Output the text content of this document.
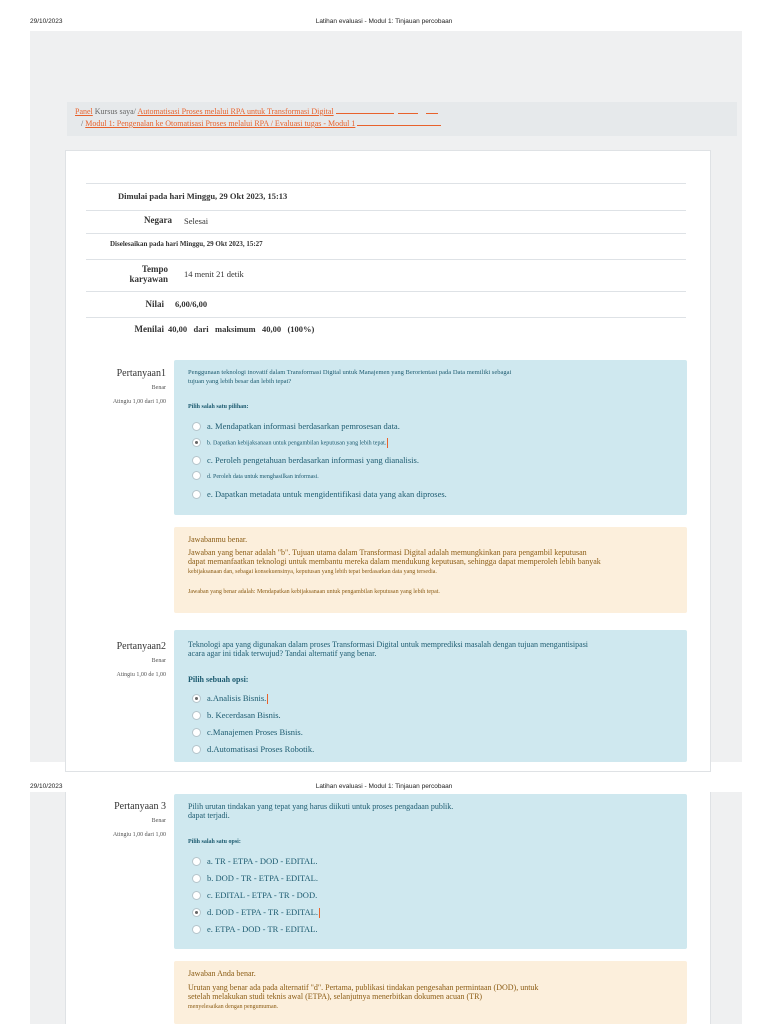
29/10/2023	Latihan evaluasi - Modul 1: Tinjauan percobaan
Panel Kursus saya/ Automatisasi Proses melalui RPA untuk Transformasi Digital
/ Modul 1: Pengenalan ke Otomatisasi Proses melalui RPA / Evaluasi tugas - Modul 1
Dimulai pada hari Minggu, 29 Okt 2023, 15:13
Negara Selesai
Diselesaikan pada hari Minggu, 29 Okt 2023, 15:27
Tempo
karyawan 14 menit 21 detik
Nilai 6,00/6,00
Menilai 40,00   dari   maksimum   40,00   (100%)
Pertanyaan1
Benar
Atingiu 1,00 dari 1,00
Penggunaan teknologi inovatif dalam Transformasi Digital untuk Manajemen yang Berorientasi pada Data memiliki sebagai
tujuan yang lebih besar dan lebih tepat?
Pilih salah satu pilihan:
a. Mendapatkan informasi berdasarkan pemrosesan data.
b. Dapatkan kebijaksanaan untuk pengambilan keputusan yang lebih tepat.
c. Peroleh pengetahuan berdasarkan informasi yang dianalisis.
d. Peroleh data untuk menghasilkan informasi.
e. Dapatkan metadata untuk mengidentifikasi data yang akan diproses.
Jawabanmu benar.
Jawaban yang benar adalah "b". Tujuan utama dalam Transformasi Digital adalah memungkinkan para pengambil keputusan
dapat memanfaatkan teknologi untuk membantu mereka dalam mendukung keputusan, sehingga dapat memperoleh lebih banyak
kebijaksanaan dan, sebagai konsekuensinya, keputusan yang lebih tepat berdasarkan data yang tersedia.
Jawaban yang benar adalah: Mendapatkan kebijaksanaan untuk pengambilan keputusan yang lebih tepat.
Pertanyaan2
Benar
Atingiu 1,00 de 1,00
Teknologi apa yang digunakan dalam proses Transformasi Digital untuk memprediksi masalah dengan tujuan mengantisipasi
acara agar ini tidak terwujud? Tandai alternatif yang benar.
Pilih sebuah opsi:
a.Analisis Bisnis.
b. Kecerdasan Bisnis.
c.Manajemen Proses Bisnis.
d.Automatisasi Proses Robotik.
29/10/2023	Latihan evaluasi - Modul 1: Tinjauan percobaan
Pertanyaan 3
Benar
Atingiu 1,00 dari 1,00
Pilih urutan tindakan yang tepat yang harus diikuti untuk proses pengadaan publik.
dapat terjadi.
Pilih salah satu opsi:
a. TR - ETPA - DOD - EDITAL.
b. DOD - TR - ETPA - EDITAL.
c. EDITAL - ETPA - TR - DOD.
d. DOD - ETPA - TR - EDITAL.
e. ETPA - DOD - TR - EDITAL.
Jawaban Anda benar.
Urutan yang benar ada pada alternatif "d". Pertama, publikasi tindakan pengesahan permintaan (DOD), untuk
setelah melakukan studi teknis awal (ETPA), selanjutnya menerbitkan dokumen acuan (TR)
menyelesaikan dengan pengumuman.
